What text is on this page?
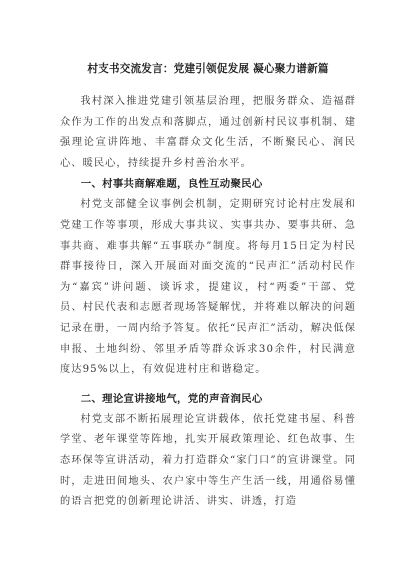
村支书交流发言：党建引领促发展 凝心聚力谱新篇

我村深入推进党建引领基层治理，把服务群众、造福群众作为工作的出发点和落脚点，通过创新村民议事机制、建强理论宣讲阵地、丰富群众文化生活，不断聚民心、润民心、暖民心，持续提升乡村善治水平。

一、村事共商解难题，良性互动聚民心

村党支部健全议事例会机制，定期研究讨论村庄发展和党建工作等事项，形成大事共议、实事共办、要事共研、急事共商、难事共解“五事联办”制度。将每月15日定为村民群事接待日，深入开展面对面交流的“民声汇”活动村民作为“嘉宾”讲问题、谈诉求，提建议，村“两委”干部、党员、村民代表和志愿者现场答疑解忧，并将难以解决的问题记录在册，一周内给予答复。依托“民声汇”活动，解决低保申报、土地纠纷、邻里矛盾等群众诉求30余件，村民满意度达95%以上，有效促进村庄和谐稳定。

二、理论宣讲接地气，党的声音润民心

村党支部不断拓展理论宣讲载体，依托党建书屋、科普学堂、老年课堂等阵地，扎实开展政策理论、红色故事、生态环保等宣讲活动，着力打造群众“家门口”的宣讲课堂。同时，走进田间地头、农户家中等生产生活一线，用通俗易懂的语言把党的创新理论讲活、讲实、讲透，打造
